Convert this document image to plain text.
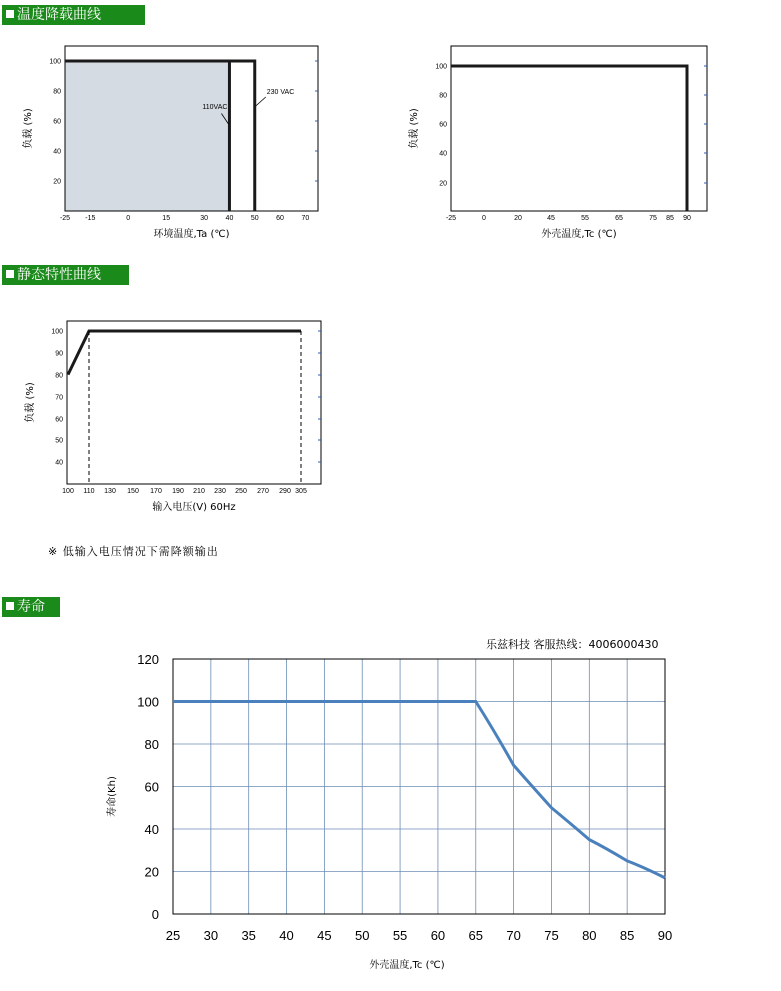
温度降载曲线
静态特性曲线
寿命
※ 低输入电压情况下需降额输出
乐兹科技 客服热线：4006000430
100
80
60
40
20
-25 -15	0	15	30	40	50	60	70
环境温度,Ta (℃)
负载 (%)
110VAC
230 VAC
100
80
60
40
20
-25	0	20	45	55	65	75 85 90
外壳温度,Tc (℃)
负载 (%)
100
90
80
70
60
50
40
100 110 130 150 170 190 210 230 250 270 290 305
输入电压(V) 60Hz
负载 (%)
120
100
80
60
40
20
0
25 30 35 40 45 50 55 60 65 70 75 80 85 90
外壳温度,Tc (℃)
寿命(Kh)
